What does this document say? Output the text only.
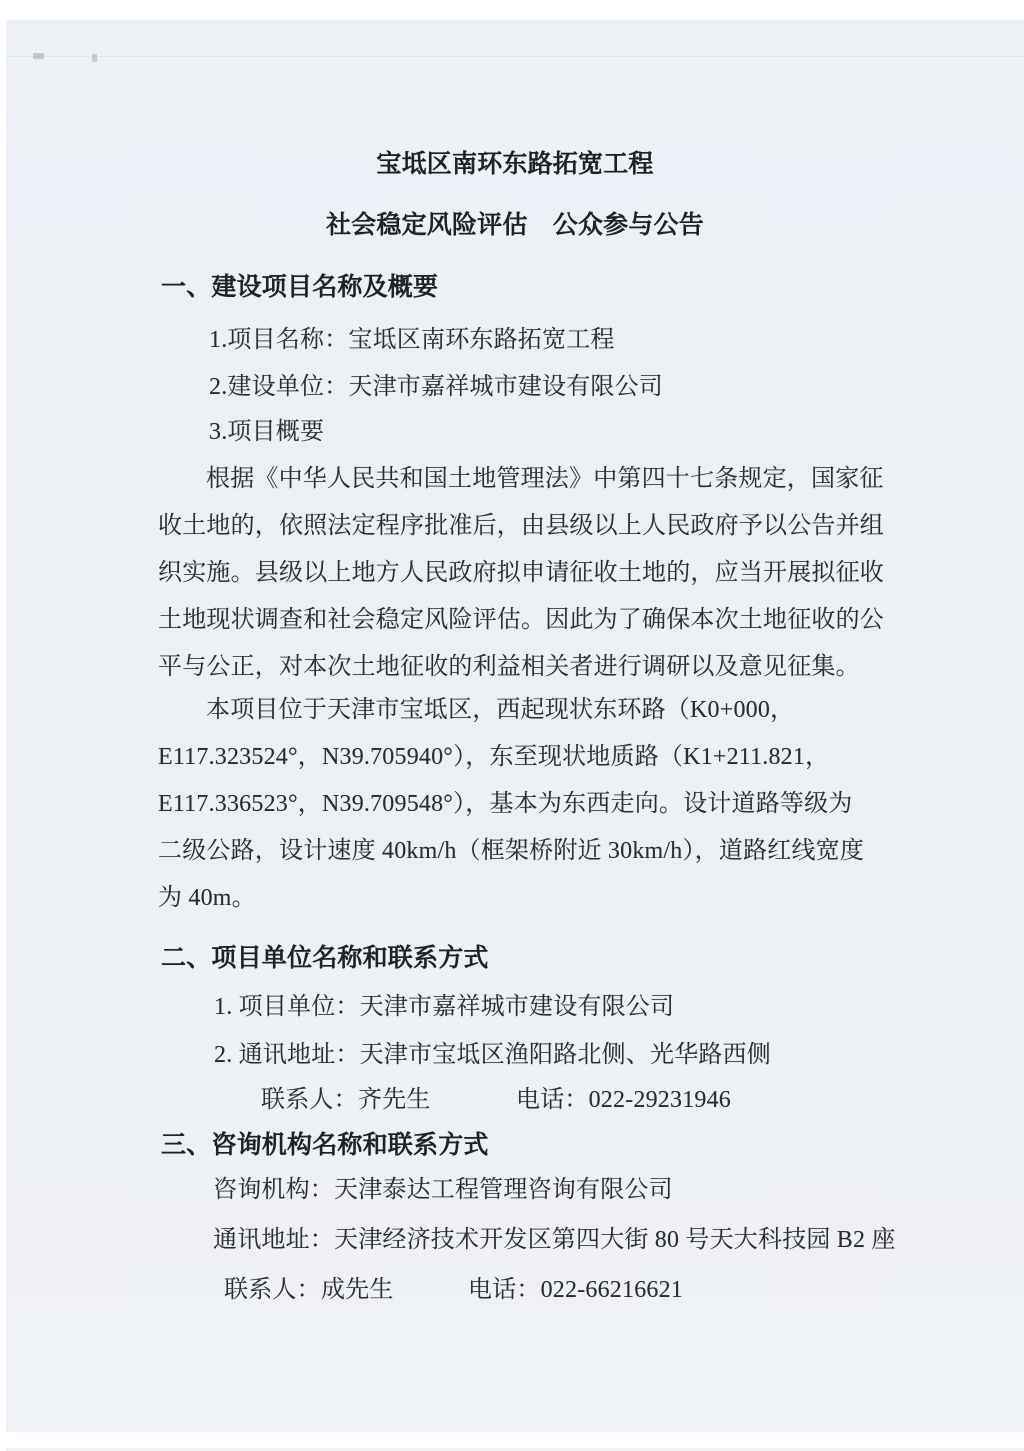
宝坻区南环东路拓宽工程
社会稳定风险评估　公众参与公告
一、建设项目名称及概要
1.项目名称：宝坻区南环东路拓宽工程
2.建设单位：天津市嘉祥城市建设有限公司
3.项目概要
根据《中华人民共和国土地管理法》中第四十七条规定，国家征
收土地的，依照法定程序批准后，由县级以上人民政府予以公告并组
织实施。县级以上地方人民政府拟申请征收土地的，应当开展拟征收
土地现状调查和社会稳定风险评估。因此为了确保本次土地征收的公
平与公正，对本次土地征收的利益相关者进行调研以及意见征集。
本项目位于天津市宝坻区，西起现状东环路（K0+000，
E117.323524°，N39.705940°），东至现状地质路（K1+211.821，
E117.336523°，N39.709548°），基本为东西走向。设计道路等级为
二级公路，设计速度 40km/h（框架桥附近 30km/h），道路红线宽度
为 40m。
二、项目单位名称和联系方式
1. 项目单位：天津市嘉祥城市建设有限公司
2. 通讯地址：天津市宝坻区渔阳路北侧、光华路西侧
联系人： 齐先生	电话：022-29231946
三、咨询机构名称和联系方式
咨询机构：天津泰达工程管理咨询有限公司
通讯地址：天津经济技术开发区第四大街 80 号天大科技园 B2 座
联系人： 成先生	电话：022-66216621
